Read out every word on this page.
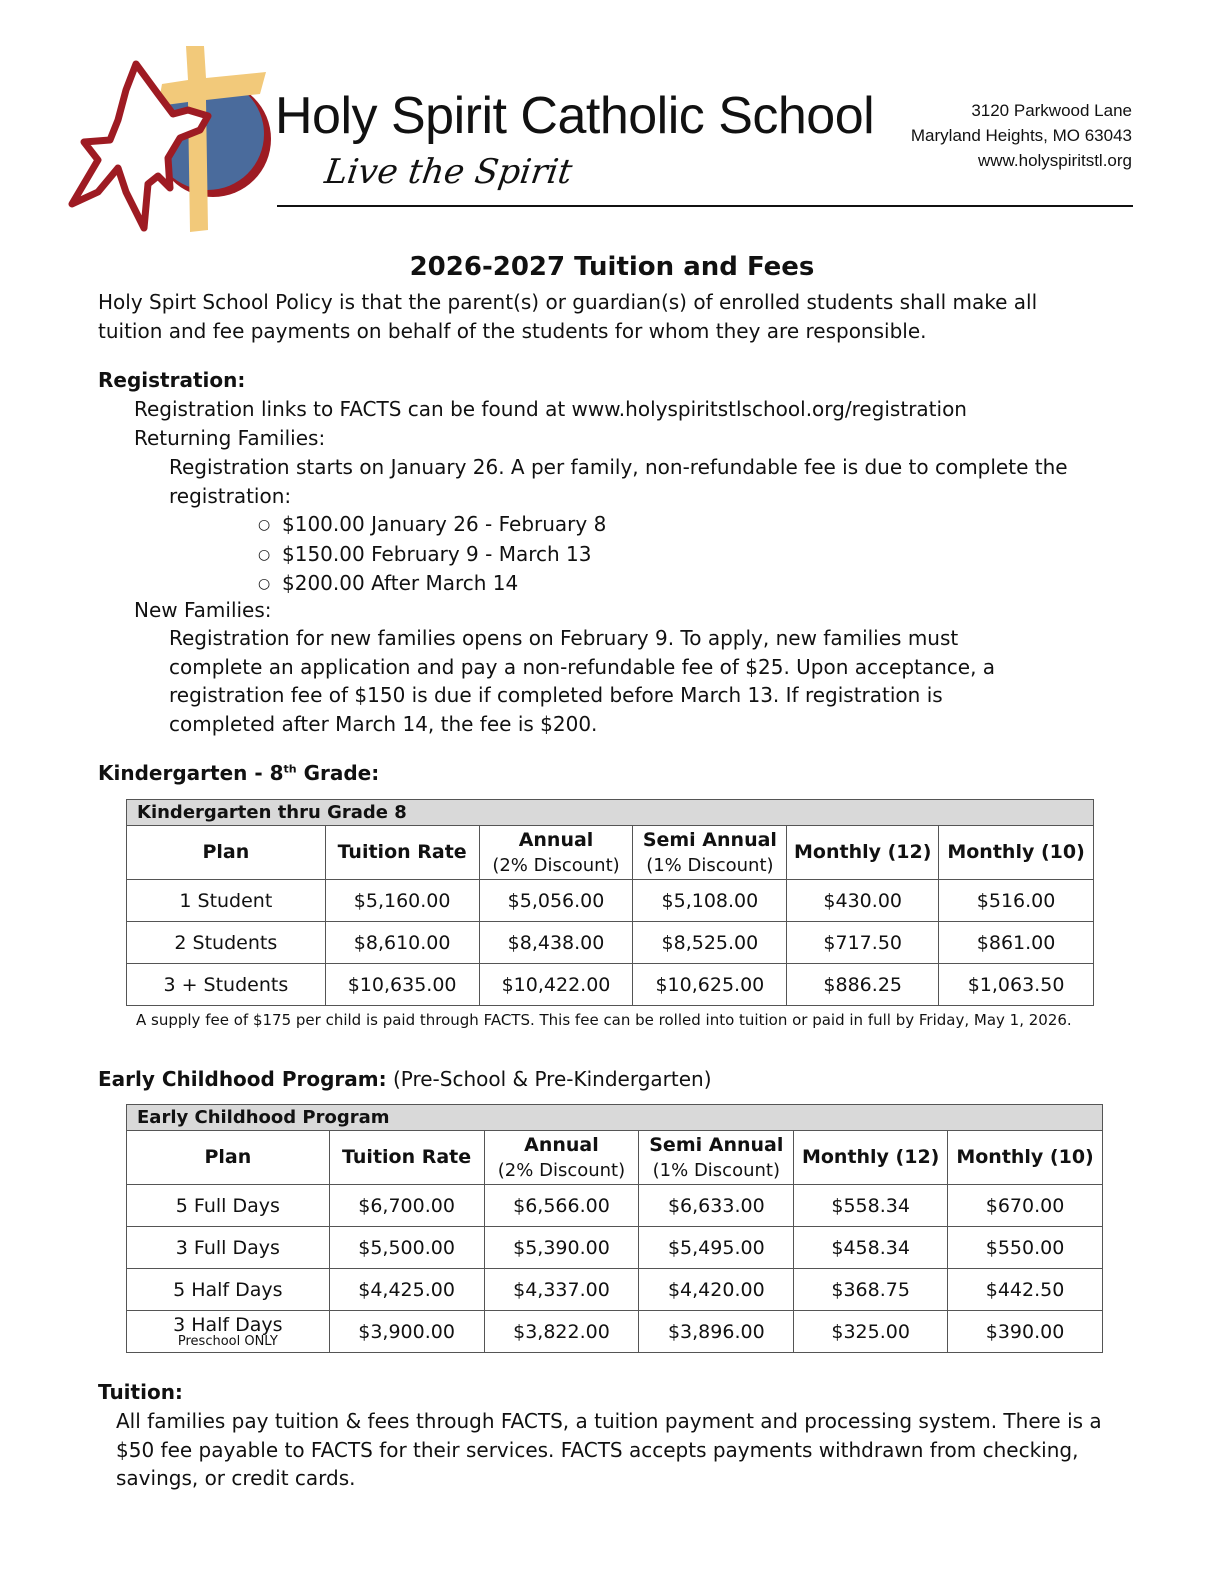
Holy Spirit Catholic School
Live the Spirit
3120 Parkwood Lane
Maryland Heights, MO 63043
www.holyspiritstl.org
2026-2027 Tuition and Fees
Holy Spirt School Policy is that the parent(s) or guardian(s) of enrolled students shall make all
tuition and fee payments on behalf of the students for whom they are responsible.
Registration:
Registration links to FACTS can be found at www.holyspiritstlschool.org/registration
Returning Families:
Registration starts on January 26. A per family, non-refundable fee is due to complete the
registration:
○ $100.00 January 26 - February 8
○ $150.00 February 9 - March 13
○ $200.00 After March 14
New Families:
Registration for new families opens on February 9. To apply, new families must
complete an application and pay a non-refundable fee of $25. Upon acceptance, a
registration fee of $150 is due if completed before March 13. If registration is
completed after March 14, the fee is $200.
Kindergarten - 8th Grade:
Kindergarten thru Grade 8					
Plan	Tuition Rate	Annual
(2% Discount)	Semi Annual
(1% Discount)	Monthly (12)	Monthly (10)
1 Student	$5,160.00	$5,056.00	$5,108.00	$430.00	$516.00
2 Students	$8,610.00	$8,438.00	$8,525.00	$717.50	$861.00
3 + Students	$10,635.00	$10,422.00	$10,625.00	$886.25	$1,063.50
A supply fee of $175 per child is paid through FACTS. This fee can be rolled into tuition or paid in full by Friday, May 1, 2026.
Early Childhood Program: (Pre-School & Pre-Kindergarten)
Early Childhood Program					
Plan	Tuition Rate	Annual
(2% Discount)	Semi Annual
(1% Discount)	Monthly (12)	Monthly (10)
5 Full Days	$6,700.00	$6,566.00	$6,633.00	$558.34	$670.00
3 Full Days	$5,500.00	$5,390.00	$5,495.00	$458.34	$550.00
5 Half Days	$4,425.00	$4,337.00	$4,420.00	$368.75	$442.50
3 Half Days
Preschool ONLY	$3,900.00	$3,822.00	$3,896.00	$325.00	$390.00
Tuition:
All families pay tuition & fees through FACTS, a tuition payment and processing system. There is a
$50 fee payable to FACTS for their services. FACTS accepts payments withdrawn from checking,
savings, or credit cards.
